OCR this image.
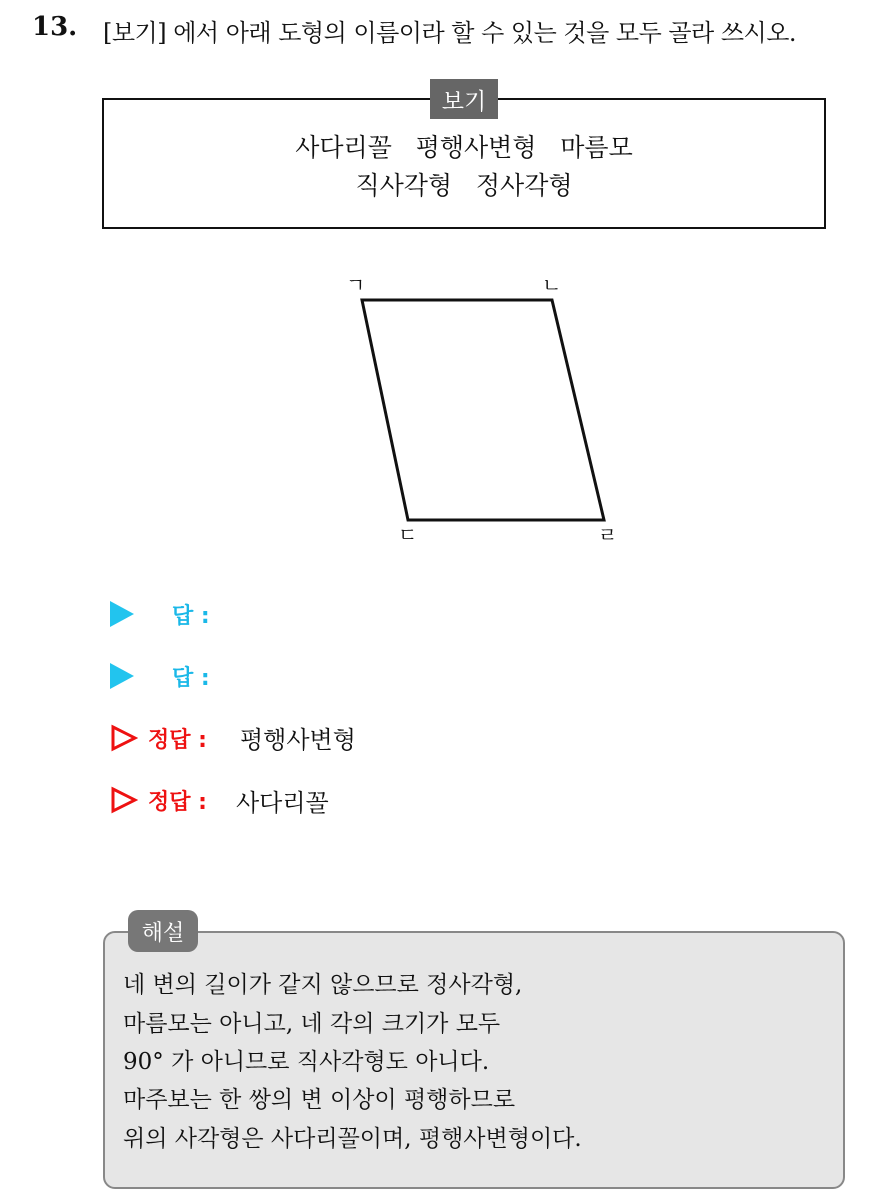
13. [보기] 에서 아래 도형의 이름이라 할 수 있는 것을 모두 골라 쓰시오.
보기
사다리꼴   평행사변형   마름모
직사각형   정사각형
ㄱ	ㄴ
ㄷ	ㄹ
답 :
답 :
정답 : 평행사변형
정답 : 사다리꼴
해설
네 변의 길이가 같지 않으므로 정사각형,
마름모는 아니고, 네 각의 크기가 모두
90° 가 아니므로 직사각형도 아니다.
마주보는 한 쌍의 변 이상이 평행하므로
위의 사각형은 사다리꼴이며, 평행사변형이다.
